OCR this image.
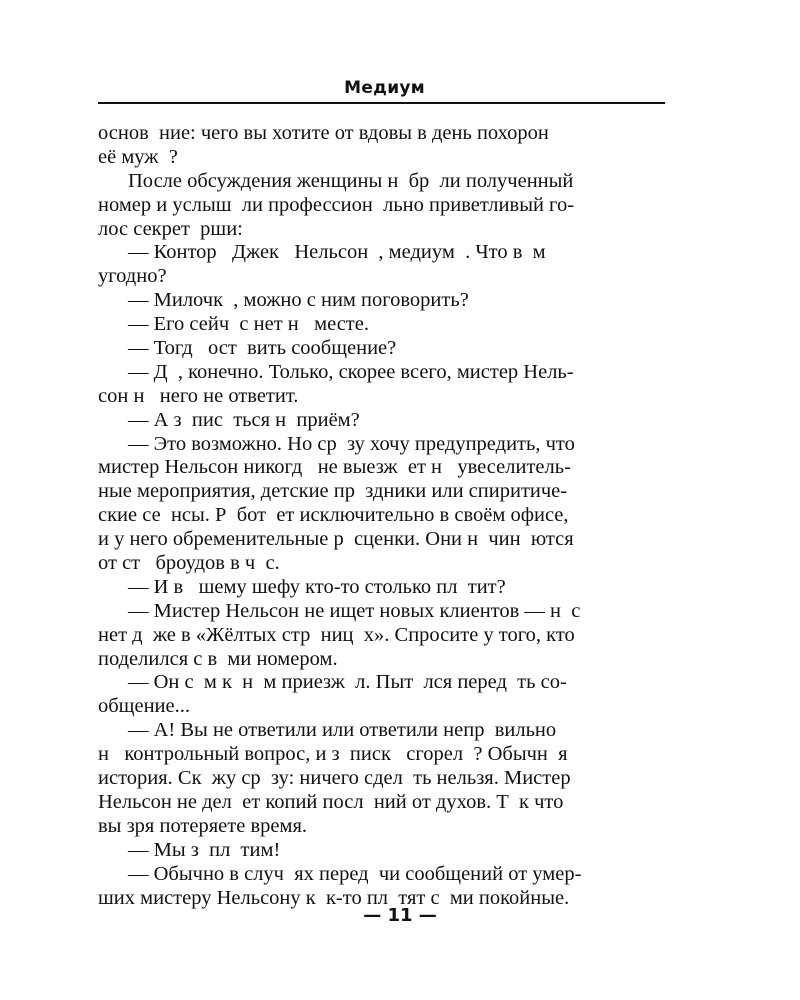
Медиум
основ  ние: чего вы хотите от вдовы в день похорон
её муж  ?
После обсуждения женщины н  бр  ли полученный
номер и услыш  ли профессион  льно приветливый го-
лос секрет  рши:
— Контор   Джек   Нельсон  , медиум  . Что в  м
угодно?
— Милочк  , можно с ним поговорить?
— Его сейч  с нет н   месте.
— Тогд   ост  вить сообщение?
— Д  , конечно. Только, скорее всего, мистер Нель-
сон н   него не ответит.
— А з  пис  ться н  приём?
— Это возможно. Но ср  зу хочу предупредить, что
мистер Нельсон никогд   не выезж  ет н   увеселитель-
ные мероприятия, детские пр  здники или спиритиче-
ские се  нсы. Р  бот  ет исключительно в своём офисе,
и у него обременительные р  сценки. Они н  чин  ются
от ст   броудов в ч  с.
— И в   шему шефу кто-то столько пл  тит?
— Мистер Нельсон не ищет новых клиентов — н  с
нет д  же в «Жёлтых стр  ниц  х». Спросите у того, кто
поделился с в  ми номером.
— Он с  м к  н  м приезж  л. Пыт  лся перед  ть со-
общение...
— А! Вы не ответили или ответили непр  вильно
н   контрольный вопрос, и з  пиcк   сгорел  ? Обычн  я
история. Ск  жу ср  зу: ничего сдел  ть нельзя. Мистер
Нельсон не дел  ет копий посл  ний от духов. Т  к что
вы зря потеряете время.
— Мы з  пл  тим!
— Обычно в случ  ях перед  чи сообщений от умер-
ших мистеру Нельсону к  к-то пл  тят с  ми покойные.
— 11 —
